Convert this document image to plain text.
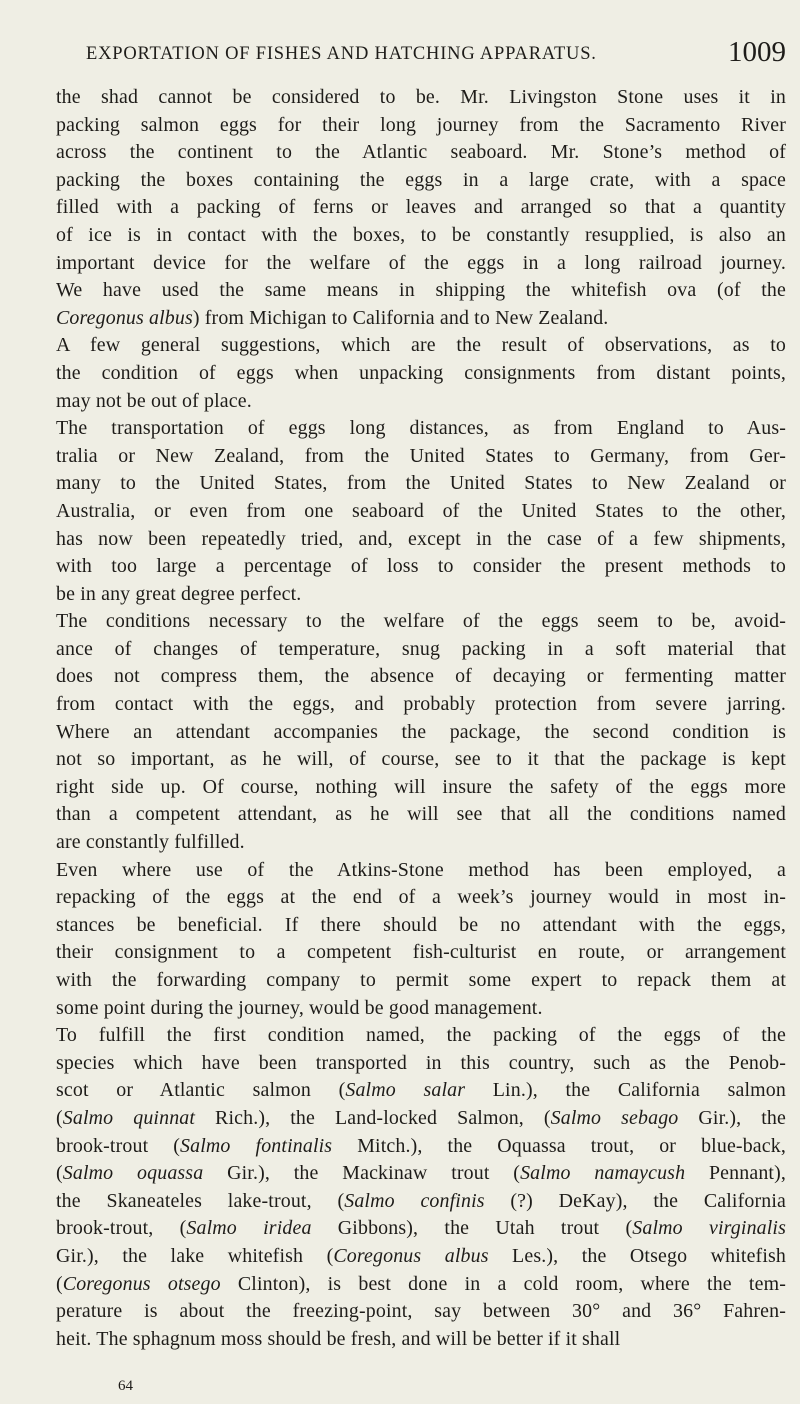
EXPORTATION OF FISHES AND HATCHING APPARATUS.	1009

the shad cannot be considered to be. Mr. Livingston Stone uses it in
packing salmon eggs for their long journey from the Sacramento River
across the continent to the Atlantic seaboard. Mr. Stone’s method of
packing the boxes containing the eggs in a large crate, with a space
filled with a packing of ferns or leaves and arranged so that a quantity
of ice is in contact with the boxes, to be constantly resupplied, is also an
important device for the welfare of the eggs in a long railroad journey.
We have used the same means in shipping the whitefish ova (of the
Coregonus albus) from Michigan to California and to New Zealand.

A few general suggestions, which are the result of observations, as to
the condition of eggs when unpacking consignments from distant points,
may not be out of place.

The transportation of eggs long distances, as from England to Aus-
tralia or New Zealand, from the United States to Germany, from Ger-
many to the United States, from the United States to New Zealand or
Australia, or even from one seaboard of the United States to the other,
has now been repeatedly tried, and, except in the case of a few shipments,
with too large a percentage of loss to consider the present methods to
be in any great degree perfect.

The conditions necessary to the welfare of the eggs seem to be, avoid-
ance of changes of temperature, snug packing in a soft material that
does not compress them, the absence of decaying or fermenting matter
from contact with the eggs, and probably protection from severe jarring.
Where an attendant accompanies the package, the second condition is
not so important, as he will, of course, see to it that the package is kept
right side up. Of course, nothing will insure the safety of the eggs more
than a competent attendant, as he will see that all the conditions named
are constantly fulfilled.

Even where use of the Atkins-Stone method has been employed, a
repacking of the eggs at the end of a week’s journey would in most in-
stances be beneficial. If there should be no attendant with the eggs,
their consignment to a competent fish-culturist en route, or arrangement
with the forwarding company to permit some expert to repack them at
some point during the journey, would be good management.

To fulfill the first condition named, the packing of the eggs of the
species which have been transported in this country, such as the Penob-
scot or Atlantic salmon (Salmo salar Lin.), the California salmon
(Salmo quinnat Rich.), the Land-locked Salmon, (Salmo sebago Gir.), the
brook-trout (Salmo fontinalis Mitch.), the Oquassa trout, or blue-back,
(Salmo oquassa Gir.), the Mackinaw trout (Salmo namaycush Pennant),
the Skaneateles lake-trout, (Salmo confinis (?) DeKay), the California
brook-trout, (Salmo iridea Gibbons), the Utah trout (Salmo virginalis
Gir.), the lake whitefish (Coregonus albus Les.), the Otsego whitefish
(Coregonus otsego Clinton), is best done in a cold room, where the tem-
perature is about the freezing-point, say between 30° and 36° Fahren-
heit. The sphagnum moss should be fresh, and will be better if it shall

64
